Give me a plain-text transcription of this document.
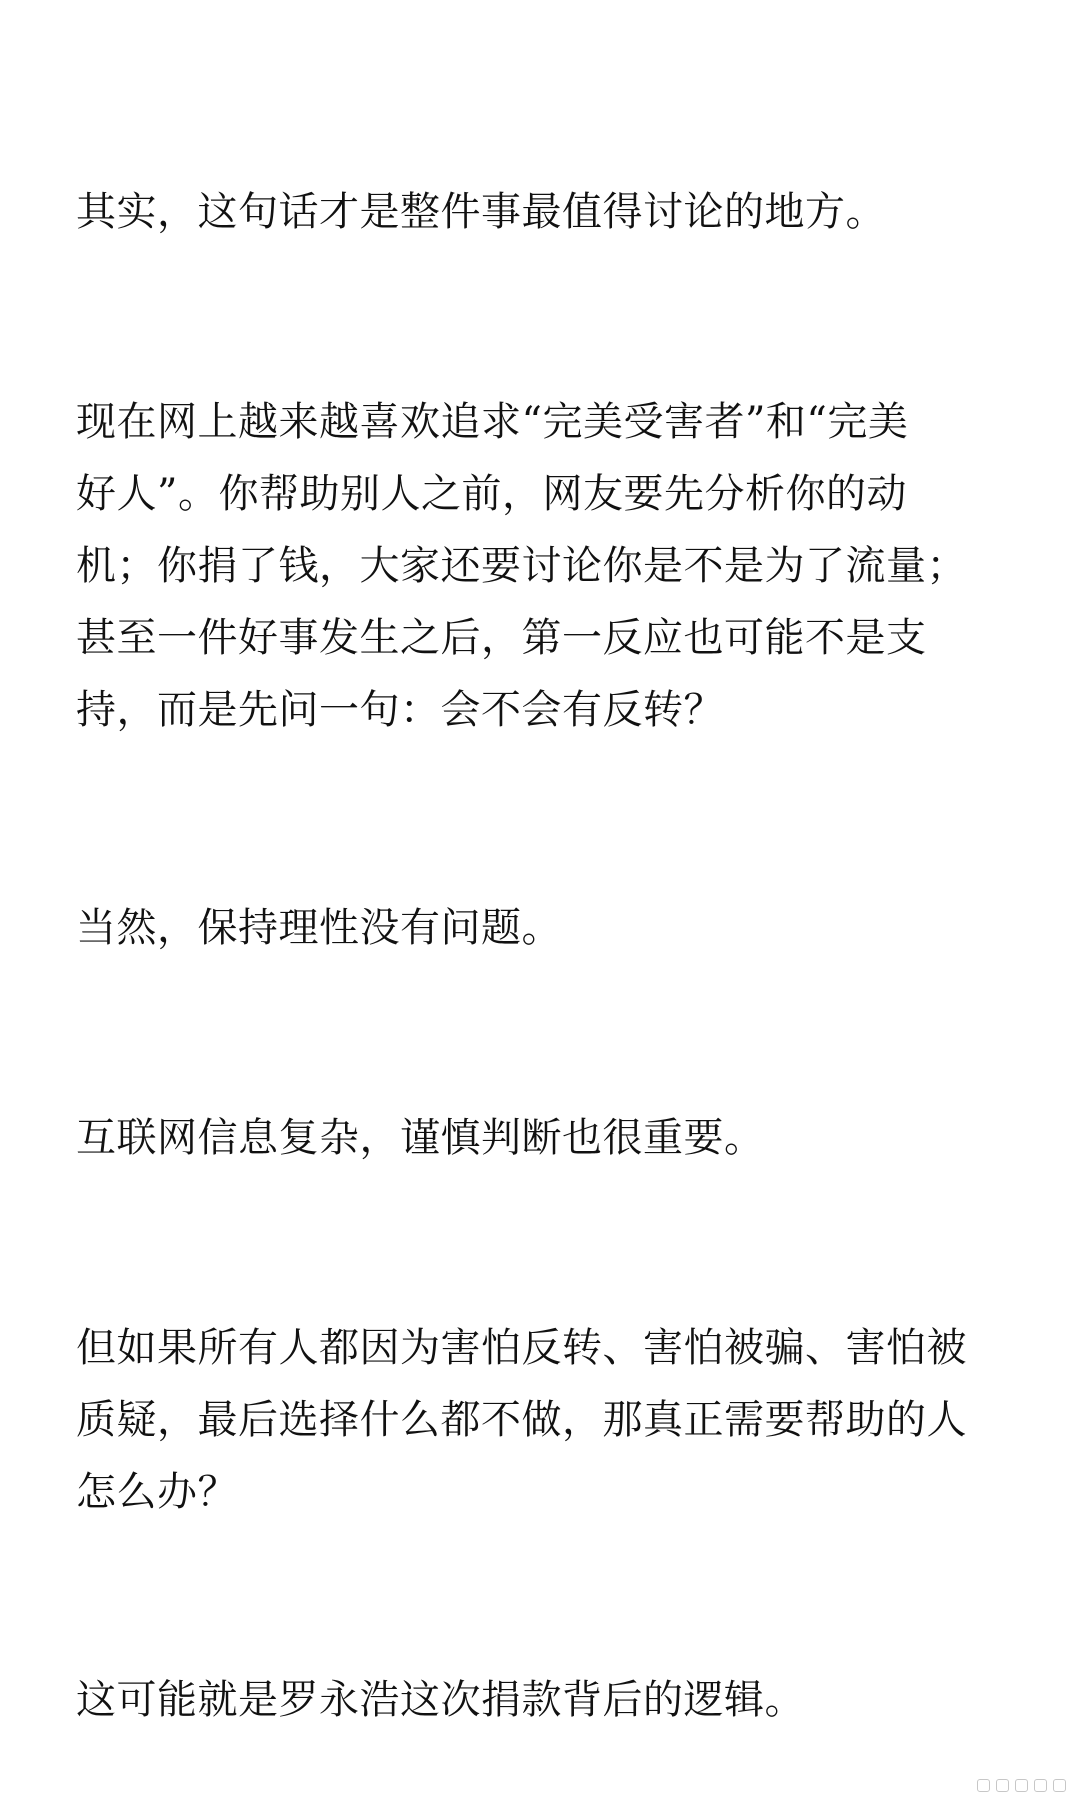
其实，这句话才是整件事最值得讨论的地方。

现在网上越来越喜欢追求“完美受害者”和“完美
好人”。你帮助别人之前，网友要先分析你的动
机；你捐了钱，大家还要讨论你是不是为了流量；
甚至一件好事发生之后，第一反应也可能不是支
持，而是先问一句：会不会有反转？

当然，保持理性没有问题。

互联网信息复杂，谨慎判断也很重要。

但如果所有人都因为害怕反转、害怕被骗、害怕被
质疑，最后选择什么都不做，那真正需要帮助的人
怎么办？

这可能就是罗永浩这次捐款背后的逻辑。
